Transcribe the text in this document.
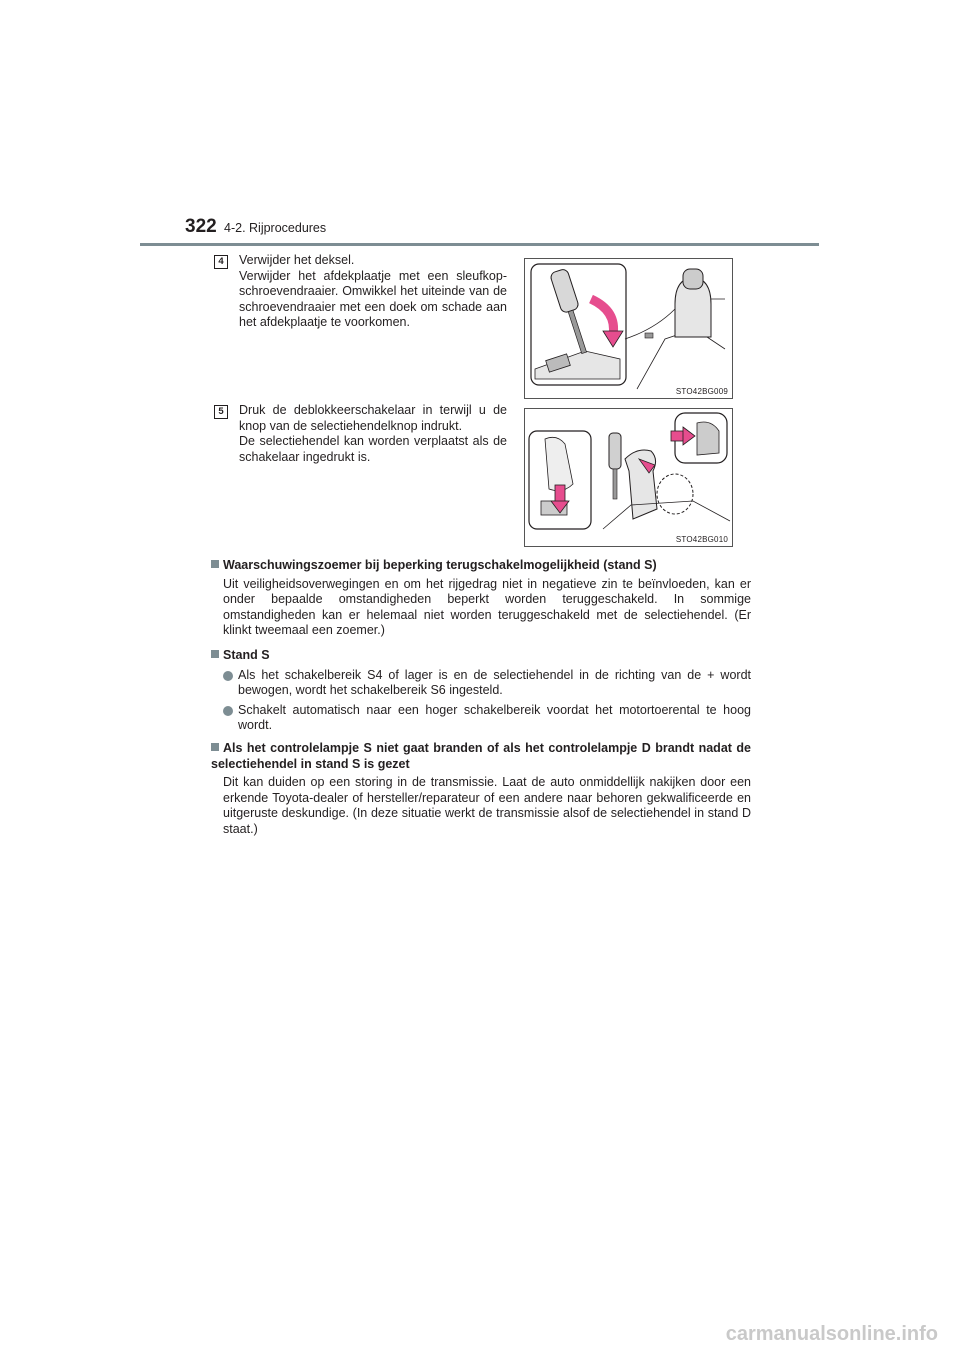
322 4-2. Rijprocedures
4	Verwijder het deksel.
Verwijder het afdekplaatje met een sleufkop-schroevendraaier. Omwikkel het uiteinde van de schroevendraaier met een doek om schade aan het afdekplaatje te voorkomen.
STO42BG009
5	Druk de deblokkeerschakelaar in terwijl u de knop van de selectiehendelknop indrukt.
De selectiehendel kan worden verplaatst als de schakelaar ingedrukt is.
STO42BG010
Waarschuwingszoemer bij beperking terugschakelmogelijkheid (stand S)
Uit veiligheidsoverwegingen en om het rijgedrag niet in negatieve zin te beïnvloeden, kan er onder bepaalde omstandigheden beperkt worden teruggeschakeld. In sommige omstandigheden kan er helemaal niet worden teruggeschakeld met de selectiehendel. (Er klinkt tweemaal een zoemer.)
Stand S
Als het schakelbereik S4 of lager is en de selectiehendel in de richting van de + wordt bewogen, wordt het schakelbereik S6 ingesteld.
Schakelt automatisch naar een hoger schakelbereik voordat het motortoerental te hoog wordt.
Als het controlelampje S niet gaat branden of als het controlelampje D brandt nadat de selectiehendel in stand S is gezet
Dit kan duiden op een storing in de transmissie. Laat de auto onmiddellijk nakijken door een erkende Toyota-dealer of hersteller/reparateur of een andere naar behoren gekwalificeerde en uitgeruste deskundige. (In deze situatie werkt de transmissie alsof de selectiehendel in stand D staat.)
carmanualsonline.info
